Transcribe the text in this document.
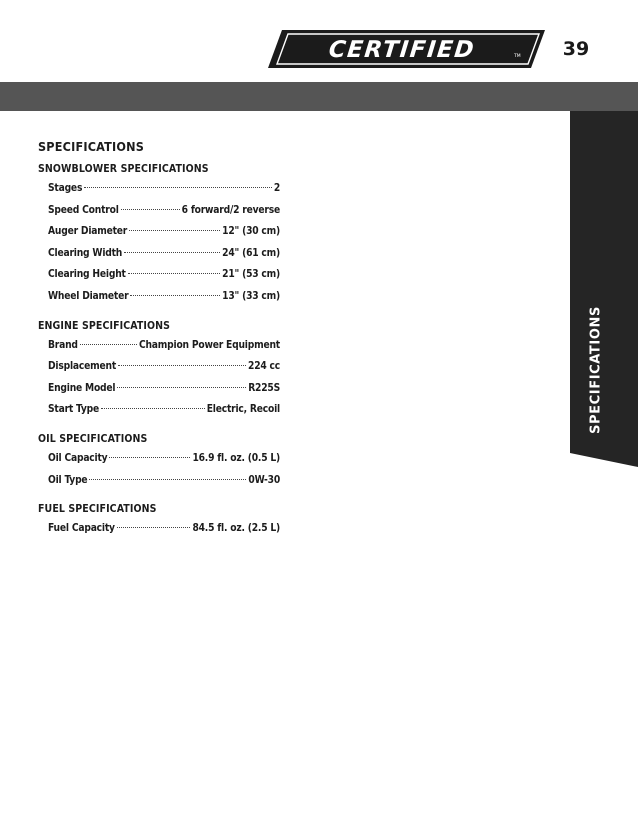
CERTIFIED	TM	39
SPECIFICATIONS
SPECIFICATIONS
SNOWBLOWER SPECIFICATIONS
Stages	2
Speed Control	6 forward/2 reverse
Auger Diameter	12" (30 cm)
Clearing Width	24" (61 cm)
Clearing Height	21" (53 cm)
Wheel Diameter	13" (33 cm)
ENGINE SPECIFICATIONS
Brand	Champion Power Equipment
Displacement	224 cc
Engine Model	R225S
Start Type	Electric, Recoil
OIL SPECIFICATIONS
Oil Capacity	16.9 fl. oz. (0.5 L)
Oil Type	0W-30
FUEL SPECIFICATIONS
Fuel Capacity	84.5 fl. oz. (2.5 L)
